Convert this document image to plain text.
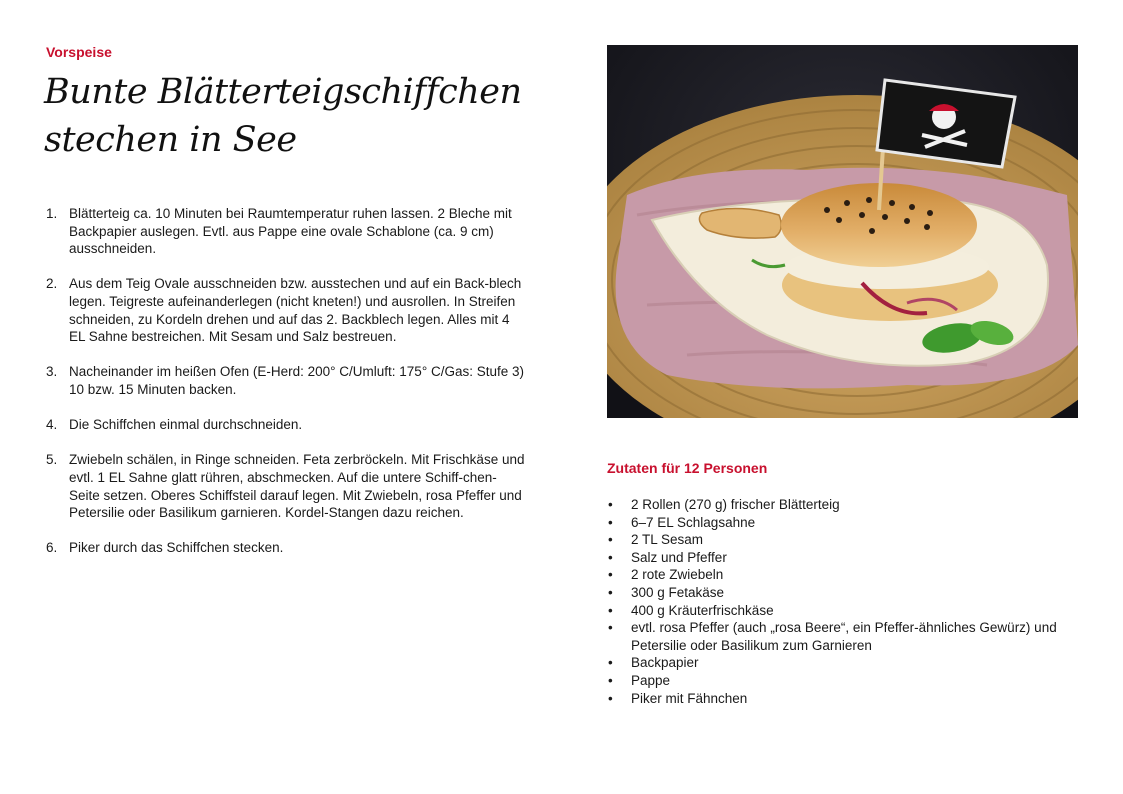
Vorspeise
Bunte Blätterteigschiffchen
stechen in See
1. Blätterteig ca. 10 Minuten bei Raumtemperatur ruhen lassen. 2 Bleche mit Backpapier auslegen. Evtl. aus Pappe eine ovale Schablone (ca. 9 cm) ausschneiden.
2. Aus dem Teig Ovale ausschneiden bzw. ausstechen und auf ein Back-blech legen. Teigreste aufeinanderlegen (nicht kneten!) und ausrollen. In Streifen schneiden, zu Kordeln drehen und auf das 2. Backblech legen. Alles mit 4 EL Sahne bestreichen. Mit Sesam und Salz bestreuen.
3. Nacheinander im heißen Ofen (E-Herd: 200° C/Umluft: 175° C/Gas: Stufe 3) 10 bzw. 15 Minuten backen.
4. Die Schiffchen einmal durchschneiden.
5. Zwiebeln schälen, in Ringe schneiden. Feta zerbröckeln. Mit Frischkäse und evtl. 1 EL Sahne glatt rühren, abschmecken. Auf die untere Schiff-chen-Seite setzen. Oberes Schiffsteil darauf legen. Mit Zwiebeln, rosa Pfeffer und Petersilie oder Basilikum garnieren. Kordel-Stangen dazu reichen.
6. Piker durch das Schiffchen stecken.
Zutaten für 12 Personen
• 2 Rollen (270 g) frischer Blätterteig
• 6–7 EL Schlagsahne
• 2 TL Sesam
• Salz und Pfeffer
• 2 rote Zwiebeln
• 300 g Fetakäse
• 400 g Kräuterfrischkäse
• evtl. rosa Pfeffer (auch „rosa Beere“, ein Pfeffer-ähnliches Gewürz) und Petersilie oder Basilikum zum Garnieren
• Backpapier
• Pappe
• Piker mit Fähnchen
